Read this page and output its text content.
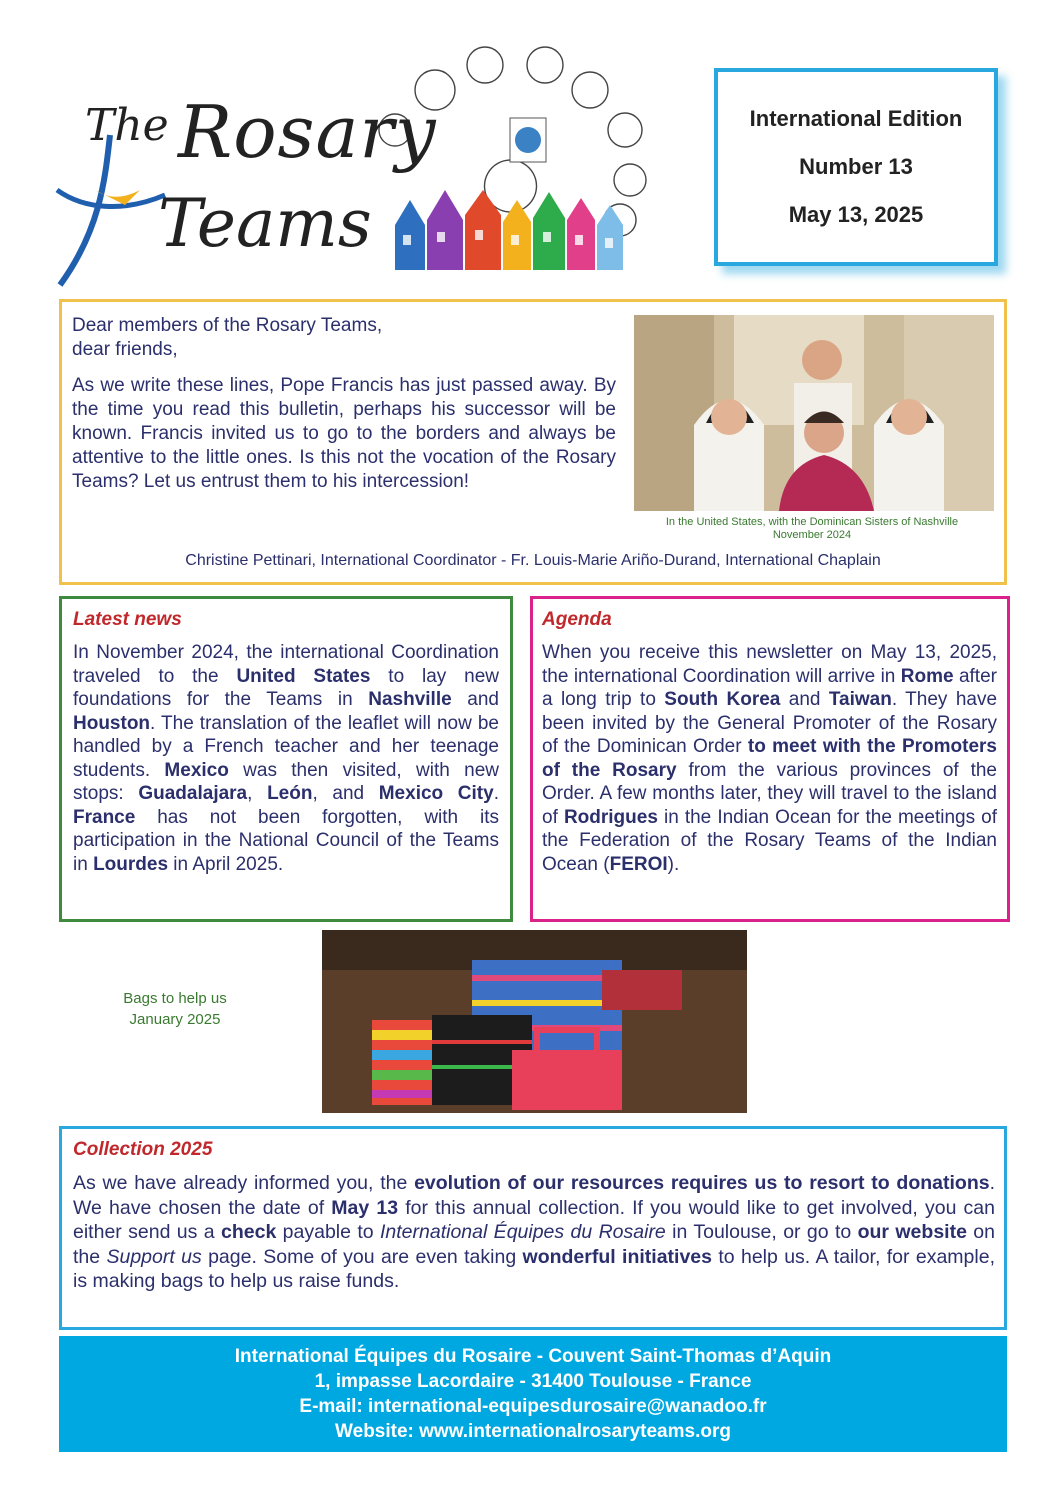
The Rosary
Teams
International Edition
Number 13
May 13, 2025

Dear members of the Rosary Teams,

dear friends,

As we write these lines, Pope Francis has just passed away. By the time you read this bulletin, perhaps his successor will be known. Francis invited us to go to the borders and always be attentive to the little ones. Is this not the vocation of the Rosary Teams? Let us entrust them to his intercession!

In the United States, with the Dominican Sisters of Nashville
November 2024
Christine Pettinari, International Coordinator - Fr. Louis-Marie Ariño-Durand, International Chaplain
Latest news
In November 2024, the international Coordination traveled to the United States to lay new foundations for the Teams in Nashville and Houston. The translation of the leaflet will now be handled by a French teacher and her teenage students. Mexico was then visited, with new stops: Guadalajara, León, and Mexico City. France has not been forgotten, with its participation in the National Council of the Teams in Lourdes in April 2025.
Agenda
When you receive this newsletter on May 13, 2025, the international Coordination will arrive in Rome after a long trip to South Korea and Taiwan. They have been invited by the General Promoter of the Rosary of the Dominican Order to meet with the Promoters of the Rosary from the various provinces of the Order. A few months later, they will travel to the island of Rodrigues in the Indian Ocean for the meetings of the Federation of the Rosary Teams of the Indian Ocean (FEROI).
Bags to help us
January 2025
Collection 2025
As we have already informed you, the evolution of our resources requires us to resort to donations. We have chosen the date of May 13 for this annual collection. If you would like to get involved, you can either send us a check payable to International Équipes du Rosaire in Toulouse, or go to our website on the Support us page. Some of you are even taking wonderful initiatives to help us. A tailor, for example, is making bags to help us raise funds.
International Équipes du Rosaire - Couvent Saint-Thomas d’Aquin
1, impasse Lacordaire - 31400 Toulouse - France
E-mail: international-equipesdurosaire@wanadoo.fr
Website: www.internationalrosaryteams.org
